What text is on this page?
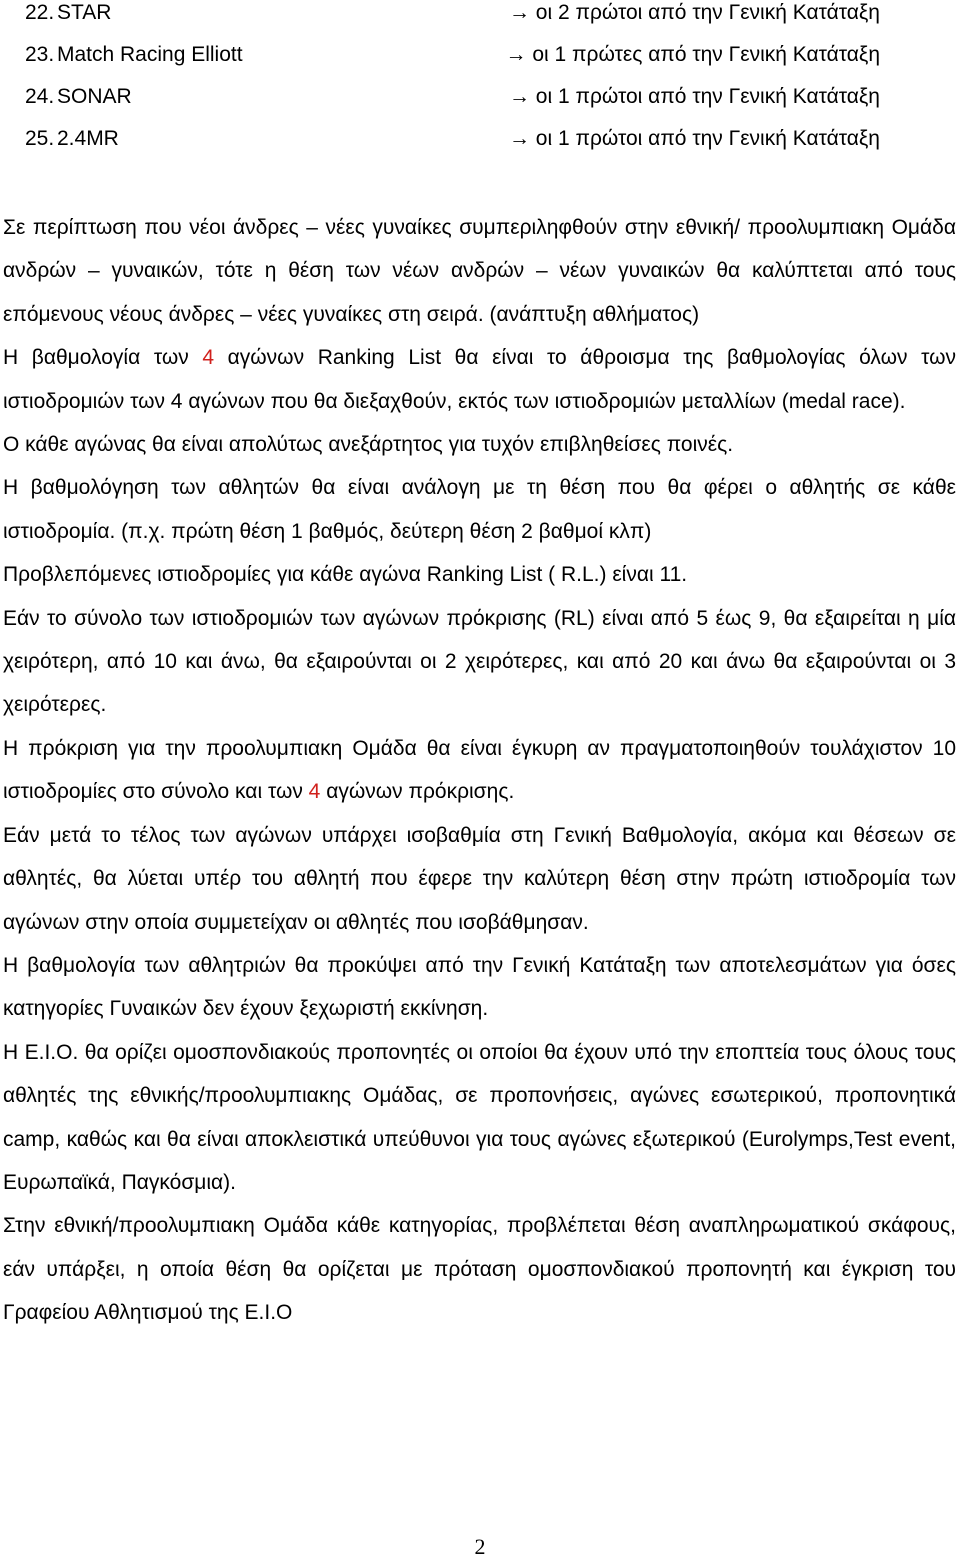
22. STAR	→ οι 2 πρώτοι από την Γενική Κατάταξη
23. Match Racing Elliott	→ οι 1 πρώτες από την Γενική Κατάταξη
24. SONAR	→ οι 1 πρώτοι από την Γενική Κατάταξη
25. 2.4MR	→ οι 1 πρώτοι από την Γενική Κατάταξη

Σε περίπτωση που νέοι άνδρες – νέες γυναίκες συμπεριληφθούν στην εθνική/ προολυμπιακη Ομάδα ανδρών – γυναικών, τότε η θέση των νέων ανδρών – νέων γυναικών θα καλύπτεται από τους επόμενους νέους άνδρες – νέες γυναίκες στη σειρά. (ανάπτυξη αθλήματος)

Η βαθμολογία των 4 αγώνων Ranking List θα είναι το άθροισμα της βαθμολογίας όλων των ιστιοδρομιών των 4 αγώνων που θα διεξαχθούν, εκτός των ιστιοδρομιών μεταλλίων (medal race).

Ο κάθε αγώνας θα είναι απολύτως ανεξάρτητος για τυχόν επιβληθείσες ποινές.

Η βαθμολόγηση των αθλητών θα είναι ανάλογη με τη θέση που θα φέρει ο αθλητής σε κάθε ιστιοδρομία. (π.χ. πρώτη θέση 1 βαθμός, δεύτερη θέση 2 βαθμοί κλπ)

Προβλεπόμενες ιστιοδρομίες για κάθε αγώνα Ranking List ( R.L.) είναι 11.

Εάν το σύνολο των ιστιοδρομιών των αγώνων πρόκρισης (RL) είναι από 5 έως 9, θα εξαιρείται η μία χειρότερη, από 10 και άνω, θα εξαιρούνται οι 2 χειρότερες, και από 20 και άνω θα εξαιρούνται οι 3 χειρότερες.

Η πρόκριση για την προολυμπιακη Ομάδα θα είναι έγκυρη αν πραγματοποιηθούν τουλάχιστον 10 ιστιοδρομίες στο σύνολο και των 4 αγώνων πρόκρισης.

Εάν μετά το τέλος των αγώνων υπάρχει ισοβαθμία στη Γενική Βαθμολογία, ακόμα και θέσεων σε αθλητές, θα λύεται υπέρ του αθλητή που έφερε την καλύτερη θέση στην πρώτη ιστιοδρομία των αγώνων στην οποία συμμετείχαν οι αθλητές που ισοβάθμησαν.

Η βαθμολογία των αθλητριών θα προκύψει από την Γενική Κατάταξη των αποτελεσμάτων για όσες κατηγορίες Γυναικών δεν έχουν ξεχωριστή εκκίνηση.

Η Ε.Ι.Ο. θα ορίζει ομοσπονδιακούς προπονητές οι οποίοι θα έχουν υπό την εποπτεία τους όλους τους αθλητές της εθνικής/προολυμπιακης Ομάδας, σε προπονήσεις, αγώνες εσωτερικού, προπονητικά camp, καθώς και θα είναι αποκλειστικά υπεύθυνοι για τους αγώνες εξωτερικού (Eurolymps,Test event, Ευρωπαϊκά, Παγκόσμια).

Στην εθνική/προολυμπιακη Ομάδα κάθε κατηγορίας, προβλέπεται θέση αναπληρωματικού σκάφους, εάν υπάρξει, η οποία θέση θα ορίζεται με πρόταση ομοσπονδιακού προπονητή και έγκριση του Γραφείου Αθλητισμού της Ε.Ι.Ο

2
